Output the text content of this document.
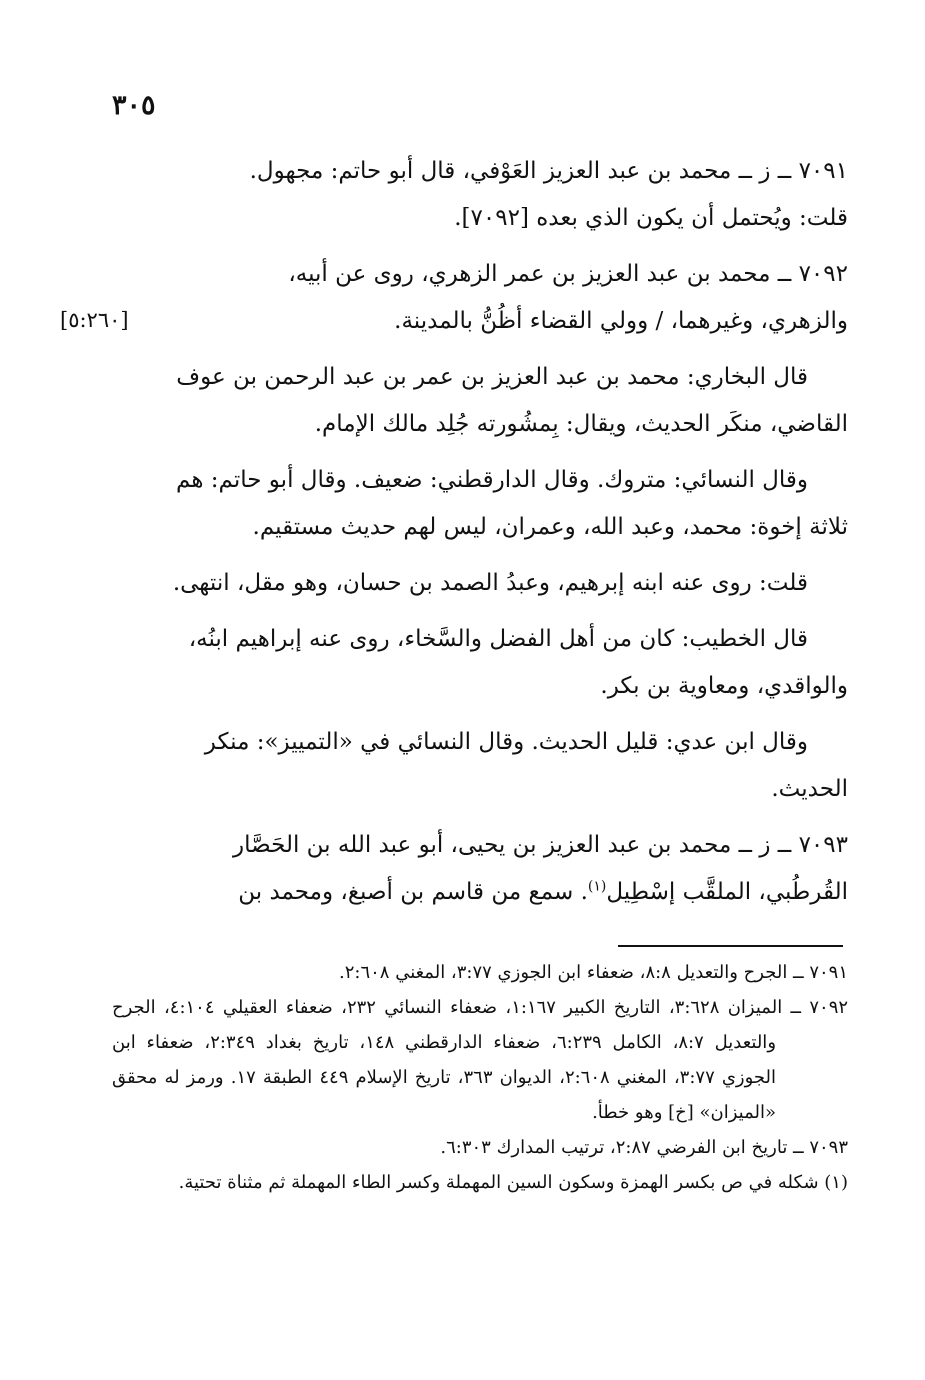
٣٠٥
[٥:٢٦٠]

٧٠٩١ ــ ز ــ محمد بن عبد العزيز العَوْفي، قال أبو حاتم: مجهول.
قلت: ويُحتمل أن يكون الذي بعده [٧٠٩٢].

٧٠٩٢ ــ محمد بن عبد العزيز بن عمر الزهري، روى عن أبيه،
والزهري، وغيرهما، / وولي القضاء أظُنُّ بالمدينة.

قال البخاري: محمد بن عبد العزيز بن عمر بن عبد الرحمن بن عوف
القاضي، منكَر الحديث، ويقال: بِمشُورته جُلِد مالك الإمام.

وقال النسائي: متروك. وقال الدارقطني: ضعيف. وقال أبو حاتم: هم
ثلاثة إخوة: محمد، وعبد الله، وعمران، ليس لهم حديث مستقيم.

قلت: روى عنه ابنه إبرهيم، وعبدُ الصمد بن حسان، وهو مقل، انتهى.

قال الخطيب: كان من أهل الفضل والسَّخاء، روى عنه إبراهيم ابنُه،
والواقدي، ومعاوية بن بكر.

وقال ابن عدي: قليل الحديث. وقال النسائي في «التمييز»: منكر
الحديث.

٧٠٩٣ ــ ز ــ محمد بن عبد العزيز بن يحيى، أبو عبد الله بن الحَصَّار
القُرطُبي، الملقَّب إسْطِيل$^{(١)}$. سمع من قاسم بن أصبغ، ومحمد بن

٧٠٩١ ــ الجرح والتعديل ٨:٨، ضعفاء ابن الجوزي ٣:٧٧، المغني ٢:٦٠٨.

٧٠٩٢ ــ الميزان ٣:٦٢٨، التاريخ الكبير ١:١٦٧، ضعفاء النسائي ٢٣٢، ضعفاء العقيلي ٤:١٠٤، الجرح والتعديل ٨:٧، الكامل ٦:٢٣٩، ضعفاء الدارقطني ١٤٨، تاريخ بغداد ٢:٣٤٩، ضعفاء ابن الجوزي ٣:٧٧، المغني ٢:٦٠٨، الديوان ٣٦٣، تاريخ الإسلام ٤٤٩ الطبقة ١٧. ورمز له محقق «الميزان» [خ] وهو خطأ.

٧٠٩٣ ــ تاريخ ابن الفرضي ٢:٨٧، ترتيب المدارك ٦:٣٠٣.

(١) شكله في ص بكسر الهمزة وسكون السين المهملة وكسر الطاء المهملة ثم مثناة تحتية.
